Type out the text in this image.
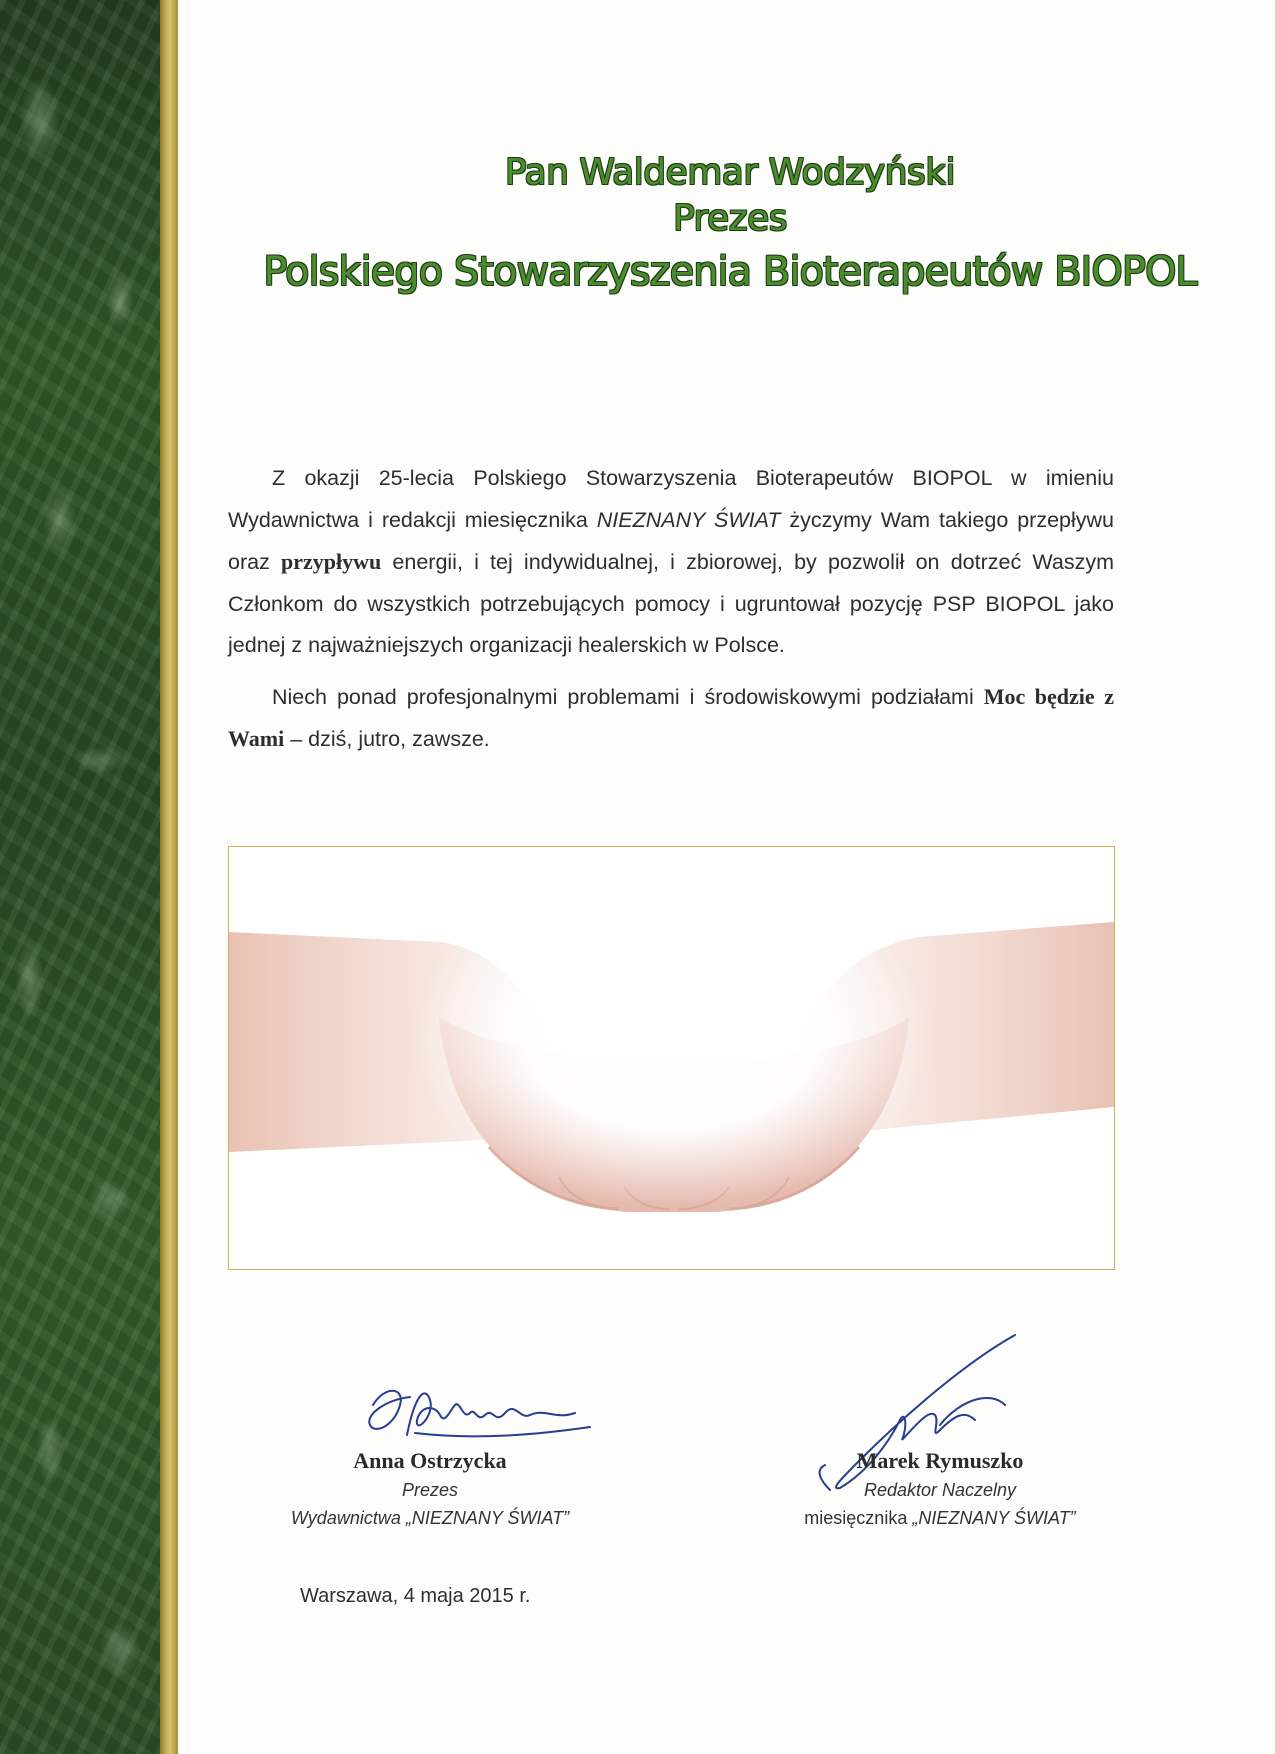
Pan Waldemar Wodzyński
Prezes
Polskiego Stowarzyszenia Bioterapeutów BIOPOL

Z okazji 25-lecia Polskiego Stowarzyszenia Bioterapeutów BIOPOL w imieniu Wydawnictwa i redakcji miesięcznika NIEZNANY ŚWIAT życzymy Wam takiego przepływu oraz przypływu energii, i tej indywidualnej, i zbiorowej, by pozwolił on dotrzeć Waszym Członkom do wszystkich potrzebujących pomocy i ugruntował pozycję PSP BIOPOL jako jednej z najważniejszych organizacji healerskich w Polsce.

Niech ponad profesjonalnymi problemami i środowiskowymi podziałami Moc będzie z Wami – dziś, jutro, zawsze.

Anna Ostrzycka
Prezes
Wydawnictwa „NIEZNANY ŚWIAT”
Marek Rymuszko
Redaktor Naczelny
miesięcznika „NIEZNANY ŚWIAT”
Warszawa, 4 maja 2015 r.
